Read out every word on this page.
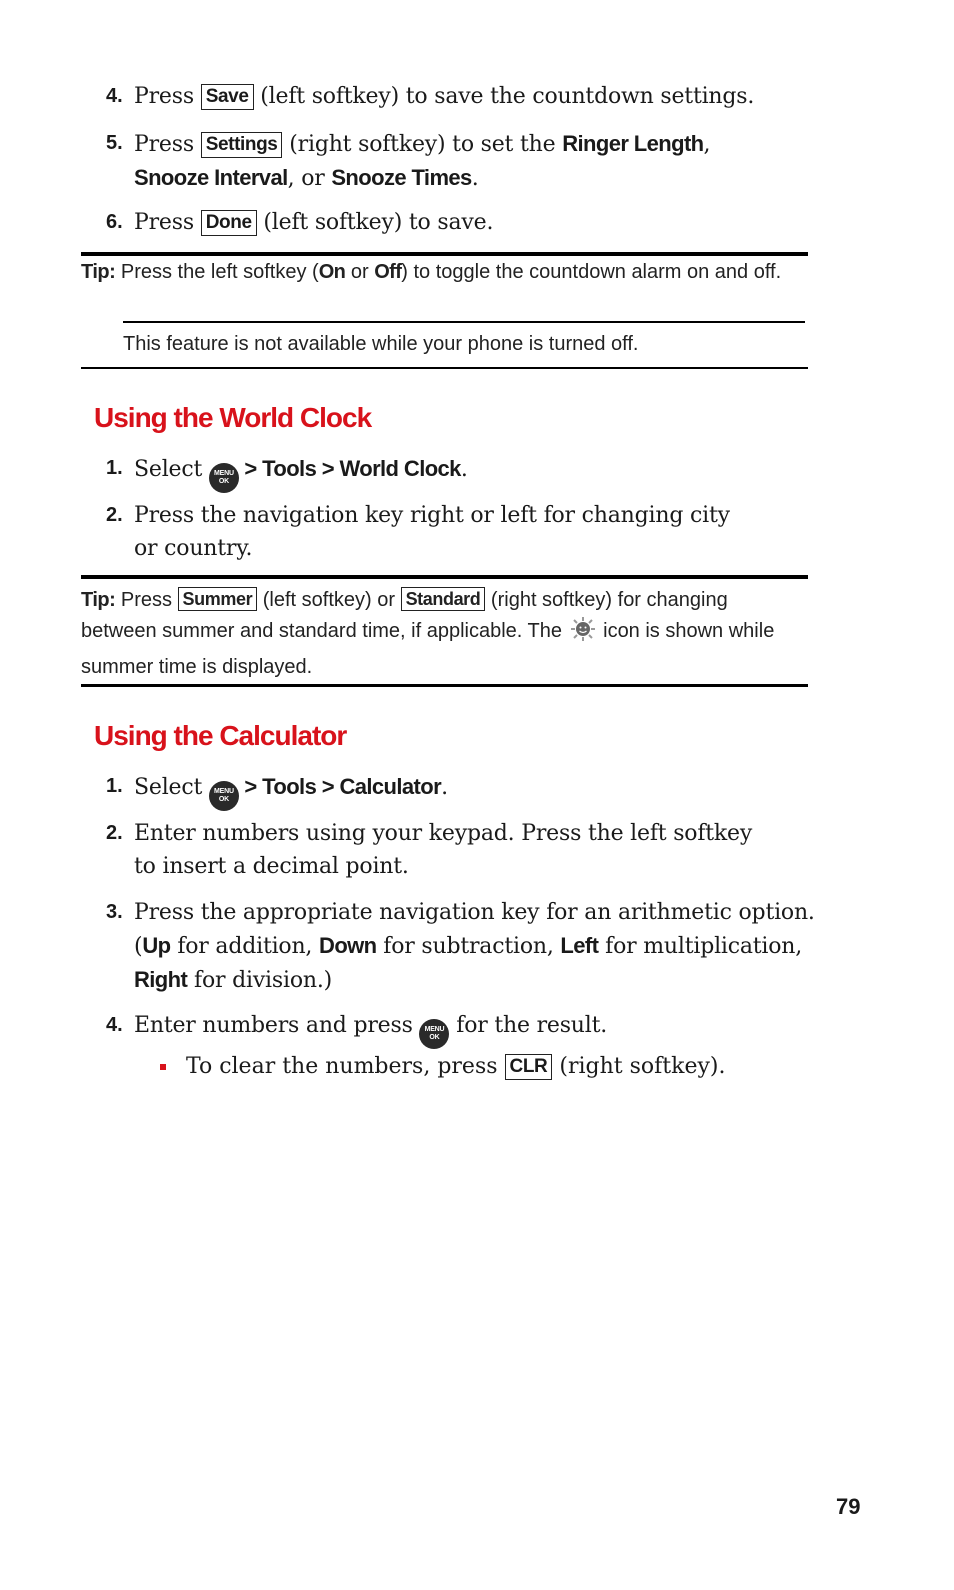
4. Press Save (left softkey) to save the countdown settings.
5. Press Settings (right softkey) to set the Ringer Length,
Snooze Interval, or Snooze Times.
6. Press Done (left softkey) to save.
Tip: Press the left softkey (On or Off) to toggle the countdown alarm on and off.
This feature is not available while your phone is turned off.
Using the World Clock
1. Select MENU
OK > Tools > World Clock.
2. Press the navigation key right or left for changing city or country.
Tip: Press Summer (left softkey) or Standard (right softkey) for changing between summer and standard time, if applicable. The  icon is shown while summer time is displayed.
Using the Calculator
1. Select MENU
OK > Tools > Calculator.
2. Enter numbers using your keypad. Press the left softkey to insert a decimal point.
3. Press the appropriate navigation key for an arithmetic option. (Up for addition, Down for subtraction, Left for multiplication, Right for division.)
4. Enter numbers and press MENU
OK for the result.
To clear the numbers, press CLR (right softkey).
79
